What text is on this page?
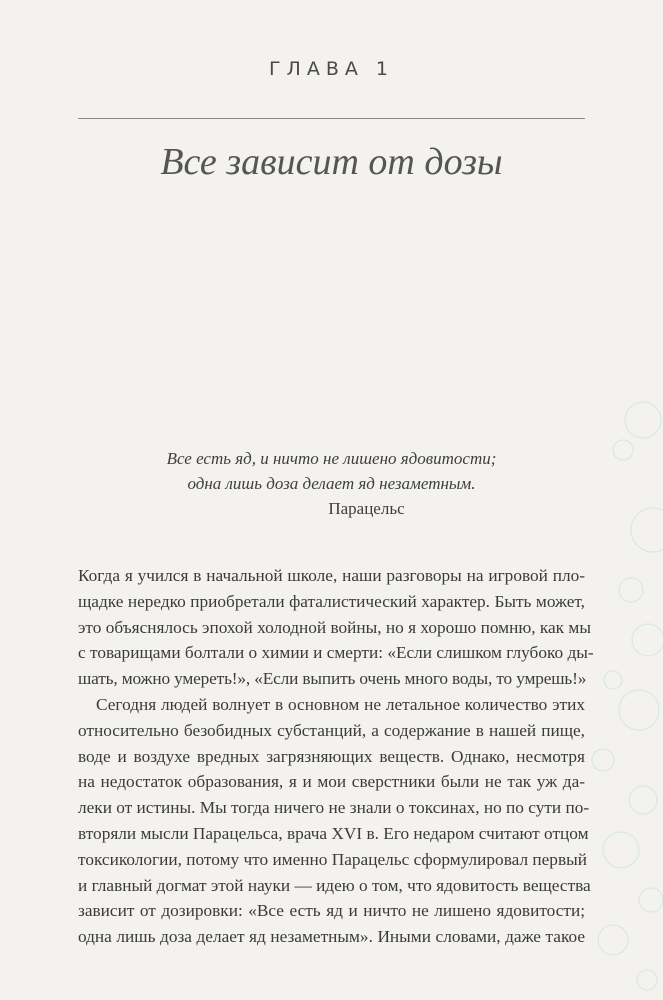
ГЛАВА 1
Все зависит от дозы
Все есть яд, и ничто не лишено ядовитости;
одна лишь доза делает яд незаметным.
Парацельс
Когда я учился в начальной школе, наши разговоры на игровой пло-
щадке нередко приобретали фаталистический характер. Быть может,
это объяснялось эпохой холодной войны, но я хорошо помню, как мы
с товарищами болтали о химии и смерти: «Если слишком глубоко ды-
шать, можно умереть!», «Если выпить очень много воды, то умрешь!»
Сегодня людей волнует в основном не летальное количество этих
относительно безобидных субстанций, а содержание в нашей пище,
воде и воздухе вредных загрязняющих веществ. Однако, несмотря
на недостаток образования, я и мои сверстники были не так уж да-
леки от истины. Мы тогда ничего не знали о токсинах, но по сути по-
вторяли мысли Парацельса, врача XVI в. Его недаром считают отцом
токсикологии, потому что именно Парацельс сформулировал первый
и главный догмат этой науки — идею о том, что ядовитость вещества
зависит от дозировки: «Все есть яд и ничто не лишено ядовитости;
одна лишь доза делает яд незаметным». Иными словами, даже такое
